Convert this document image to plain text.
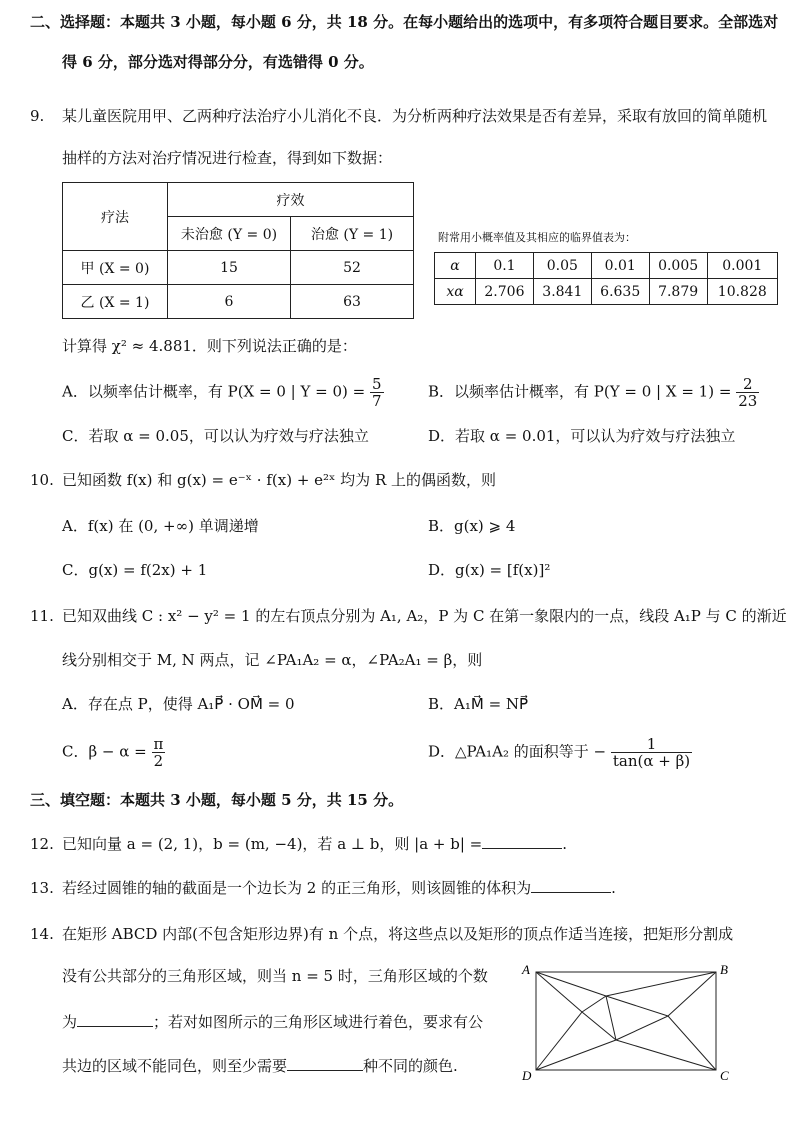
二、选择题：本题共 3 小题，每小题 6 分，共 18 分。在每小题给出的选项中，有多项符合题目要求。全部选对
得 6 分，部分选对得部分分，有选错得 0 分。
9. 某儿童医院用甲、乙两种疗法治疗小儿消化不良．为分析两种疗法效果是否有差异，采取有放回的简单随机
抽样的方法对治疗情况进行检查，得到如下数据：
疗法	疗效	
	未治愈 (Y = 0)	治愈 (Y = 1)
甲 (X = 0)	15	52
乙 (X = 1)	6	63
附常用小概率值及其相应的临界值表为：
α	0.1	0.05	0.01	0.005	0.001
xα	2.706	3.841	6.635	7.879	10.828
计算得 χ² ≈ 4.881．则下列说法正确的是：
A．以频率估计概率，有 P(X = 0 | $Y = 0) = \frac{5}{7}$	B．以频率估计概率，有 P(Y = 0 | $X = 1) = \frac{2}{23}$
C．若取 α = 0.05，可以认为疗效与疗法独立	D．若取 α = 0.01，可以认为疗效与疗法独立
10. 已知函数 f(x) 和 g(x) = e⁻ˣ · f(x) + e²ˣ 均为 R 上的偶函数，则
A．f(x) 在 (0, +∞) 单调递增	B．g(x) ⩾ 4
C．g(x) = f(2x) + 1	D．g(x) = [f(x)]²
11. 已知双曲线 C : x² − y² = 1 的左右顶点分别为 A₁, A₂，P 为 C 在第一象限内的一点，线段 A₁P 与 C 的渐近
线分别相交于 M, N 两点，记 ∠PA₁A₂ = α，∠PA₂A₁ = β，则
A．存在点 P，使得 A₁P⃗ · OM⃗ = 0	B．A₁M⃗ = NP⃗
C．$\beta - \alpha = \frac{\pi}{2}$	D．△PA₁A₂ 的面积等于 − $\frac{1}{\tan(\alpha + \beta)}$
三、填空题：本题共 3 小题，每小题 5 分，共 15 分。
12. 已知向量 a = (2, 1)，b = (m, −4)，若 a ⊥ b，则 |a + b| =	.
13. 若经过圆锥的轴的截面是一个边长为 2 的正三角形，则该圆锥的体积为	.
14. 在矩形 ABCD 内部(不包含矩形边界)有 n 个点，将这些点以及矩形的顶点作适当连接，把矩形分割成
没有公共部分的三角形区域，则当 n = 5 时，三角形区域的个数
为	；若对如图所示的三角形区域进行着色，要求有公
共边的区域不能同色，则至少需要	种不同的颜色.
A	B
C
D
